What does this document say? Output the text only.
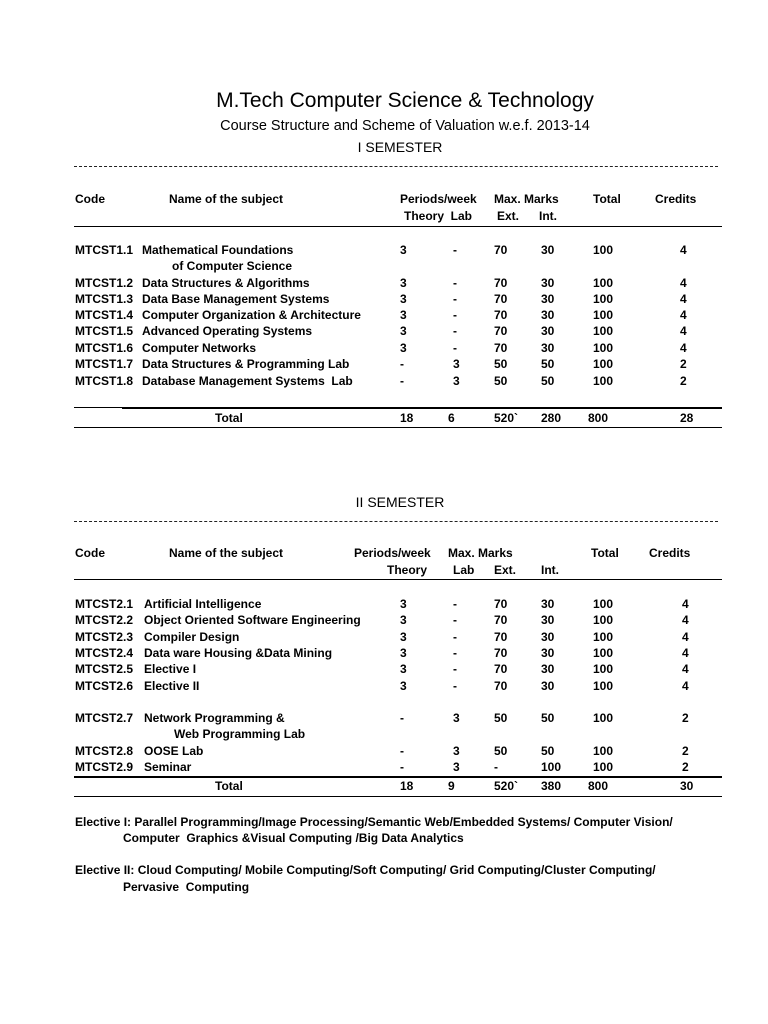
M.Tech Computer Science & Technology
Course Structure and Scheme of Valuation w.e.f. 2013-14
I SEMESTER
Code	Name of the subject	Periods/week
Theory  Lab
Max. Marks
Ext.      Int.
Total	Credits
MTCST1.1 Mathematical Foundations	3	-	70	30	100	4
of Computer Science
MTCST1.2 Data Structures & Algorithms	3	-	70	30	100	4
MTCST1.3 Data Base Management Systems	3	-	70	30	100	4
MTCST1.4 Computer Organization & Architecture	3	-	70	30	100	4
MTCST1.5 Advanced Operating Systems	3	-	70	30	100	4
MTCST1.6 Computer Networks	3	-	70	30	100	4
MTCST1.7 Data Structures & Programming Lab	-	3	50	50	100	2
MTCST1.8 Database Management Systems  Lab	-	3	50	50	100	2
Total	18	6	520` 280 800	28
II SEMESTER
Code	Name of the subject	Periods/week Max. Marks
Theory Lab Ext. Int.
Total	Credits
MTCST2.1 Artificial Intelligence	3	-	70	30	100	4
MTCST2.2 Object Oriented Software Engineering	3	-	70	30	100	4
MTCST2.3 Compiler Design	3	-	70	30	100	4
MTCST2.4 Data ware Housing &Data Mining	3	-	70	30	100	4
MTCST2.5 Elective I	3	-	70	30	100	4
MTCST2.6 Elective II	3	-	70	30	100	4
MTCST2.7 Network Programming &	-	3	50	50	100	2
Web Programming Lab
MTCST2.8 OOSE Lab	-	3	50	50	100	2
MTCST2.9 Seminar	-	3	-	100	100	2
Total	18	9	520` 380 800	30
Elective I: Parallel Programming/Image Processing/Semantic Web/Embedded Systems/ Computer Vision/
Computer  Graphics &Visual Computing /Big Data Analytics
Elective II: Cloud Computing/ Mobile Computing/Soft Computing/ Grid Computing/Cluster Computing/
Pervasive  Computing
